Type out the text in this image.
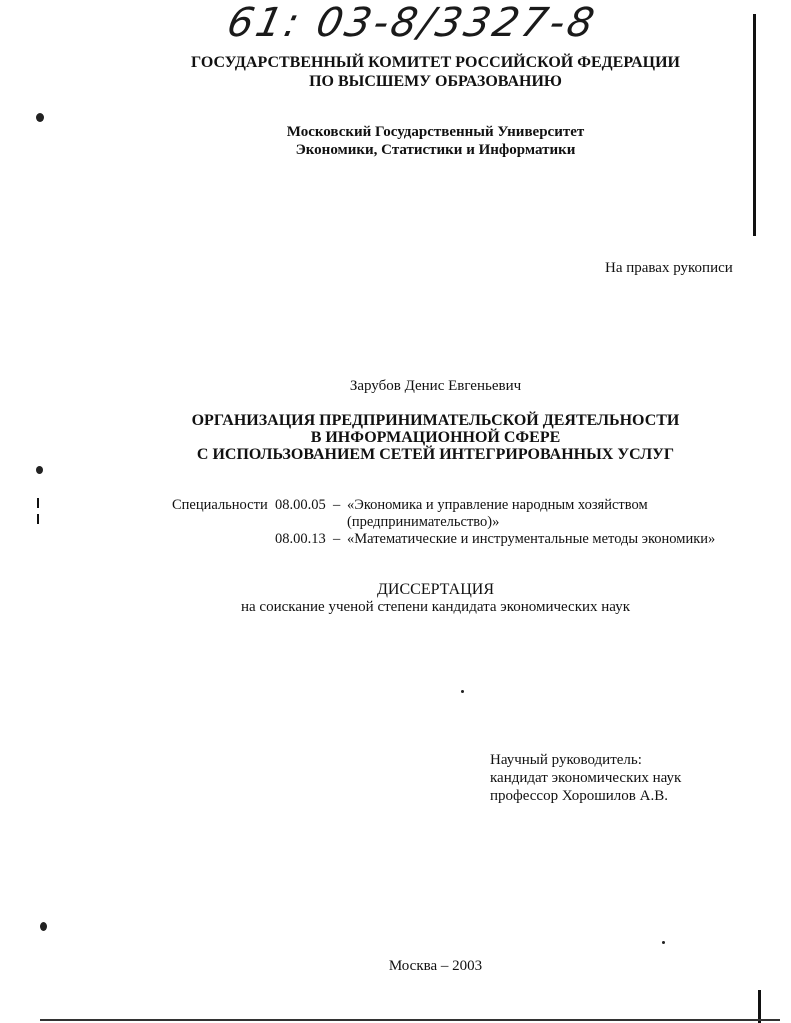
61: 03-8/3327-8
ГОСУДАРСТВЕННЫЙ КОМИТЕТ РОССИЙСКОЙ ФЕДЕРАЦИИ
ПО ВЫСШЕМУ ОБРАЗОВАНИЮ
Московский Государственный Университет
Экономики, Статистики и Информатики
На правах рукописи
Зарубов Денис Евгеньевич
ОРГАНИЗАЦИЯ ПРЕДПРИНИМАТЕЛЬСКОЙ ДЕЯТЕЛЬНОСТИ
В ИНФОРМАЦИОННОЙ СФЕРЕ
С ИСПОЛЬЗОВАНИЕМ СЕТЕЙ ИНТЕГРИРОВАННЫХ УСЛУГ
Специальности 08.00.05 – «Экономика и управление народным хозяйством
(предпринимательство)»
08.00.13 – «Математические и инструментальные методы экономики»
ДИССЕРТАЦИЯ
на соискание ученой степени кандидата экономических наук
Научный руководитель:
кандидат экономических наук
профессор Хорошилов А.В.
Москва – 2003
